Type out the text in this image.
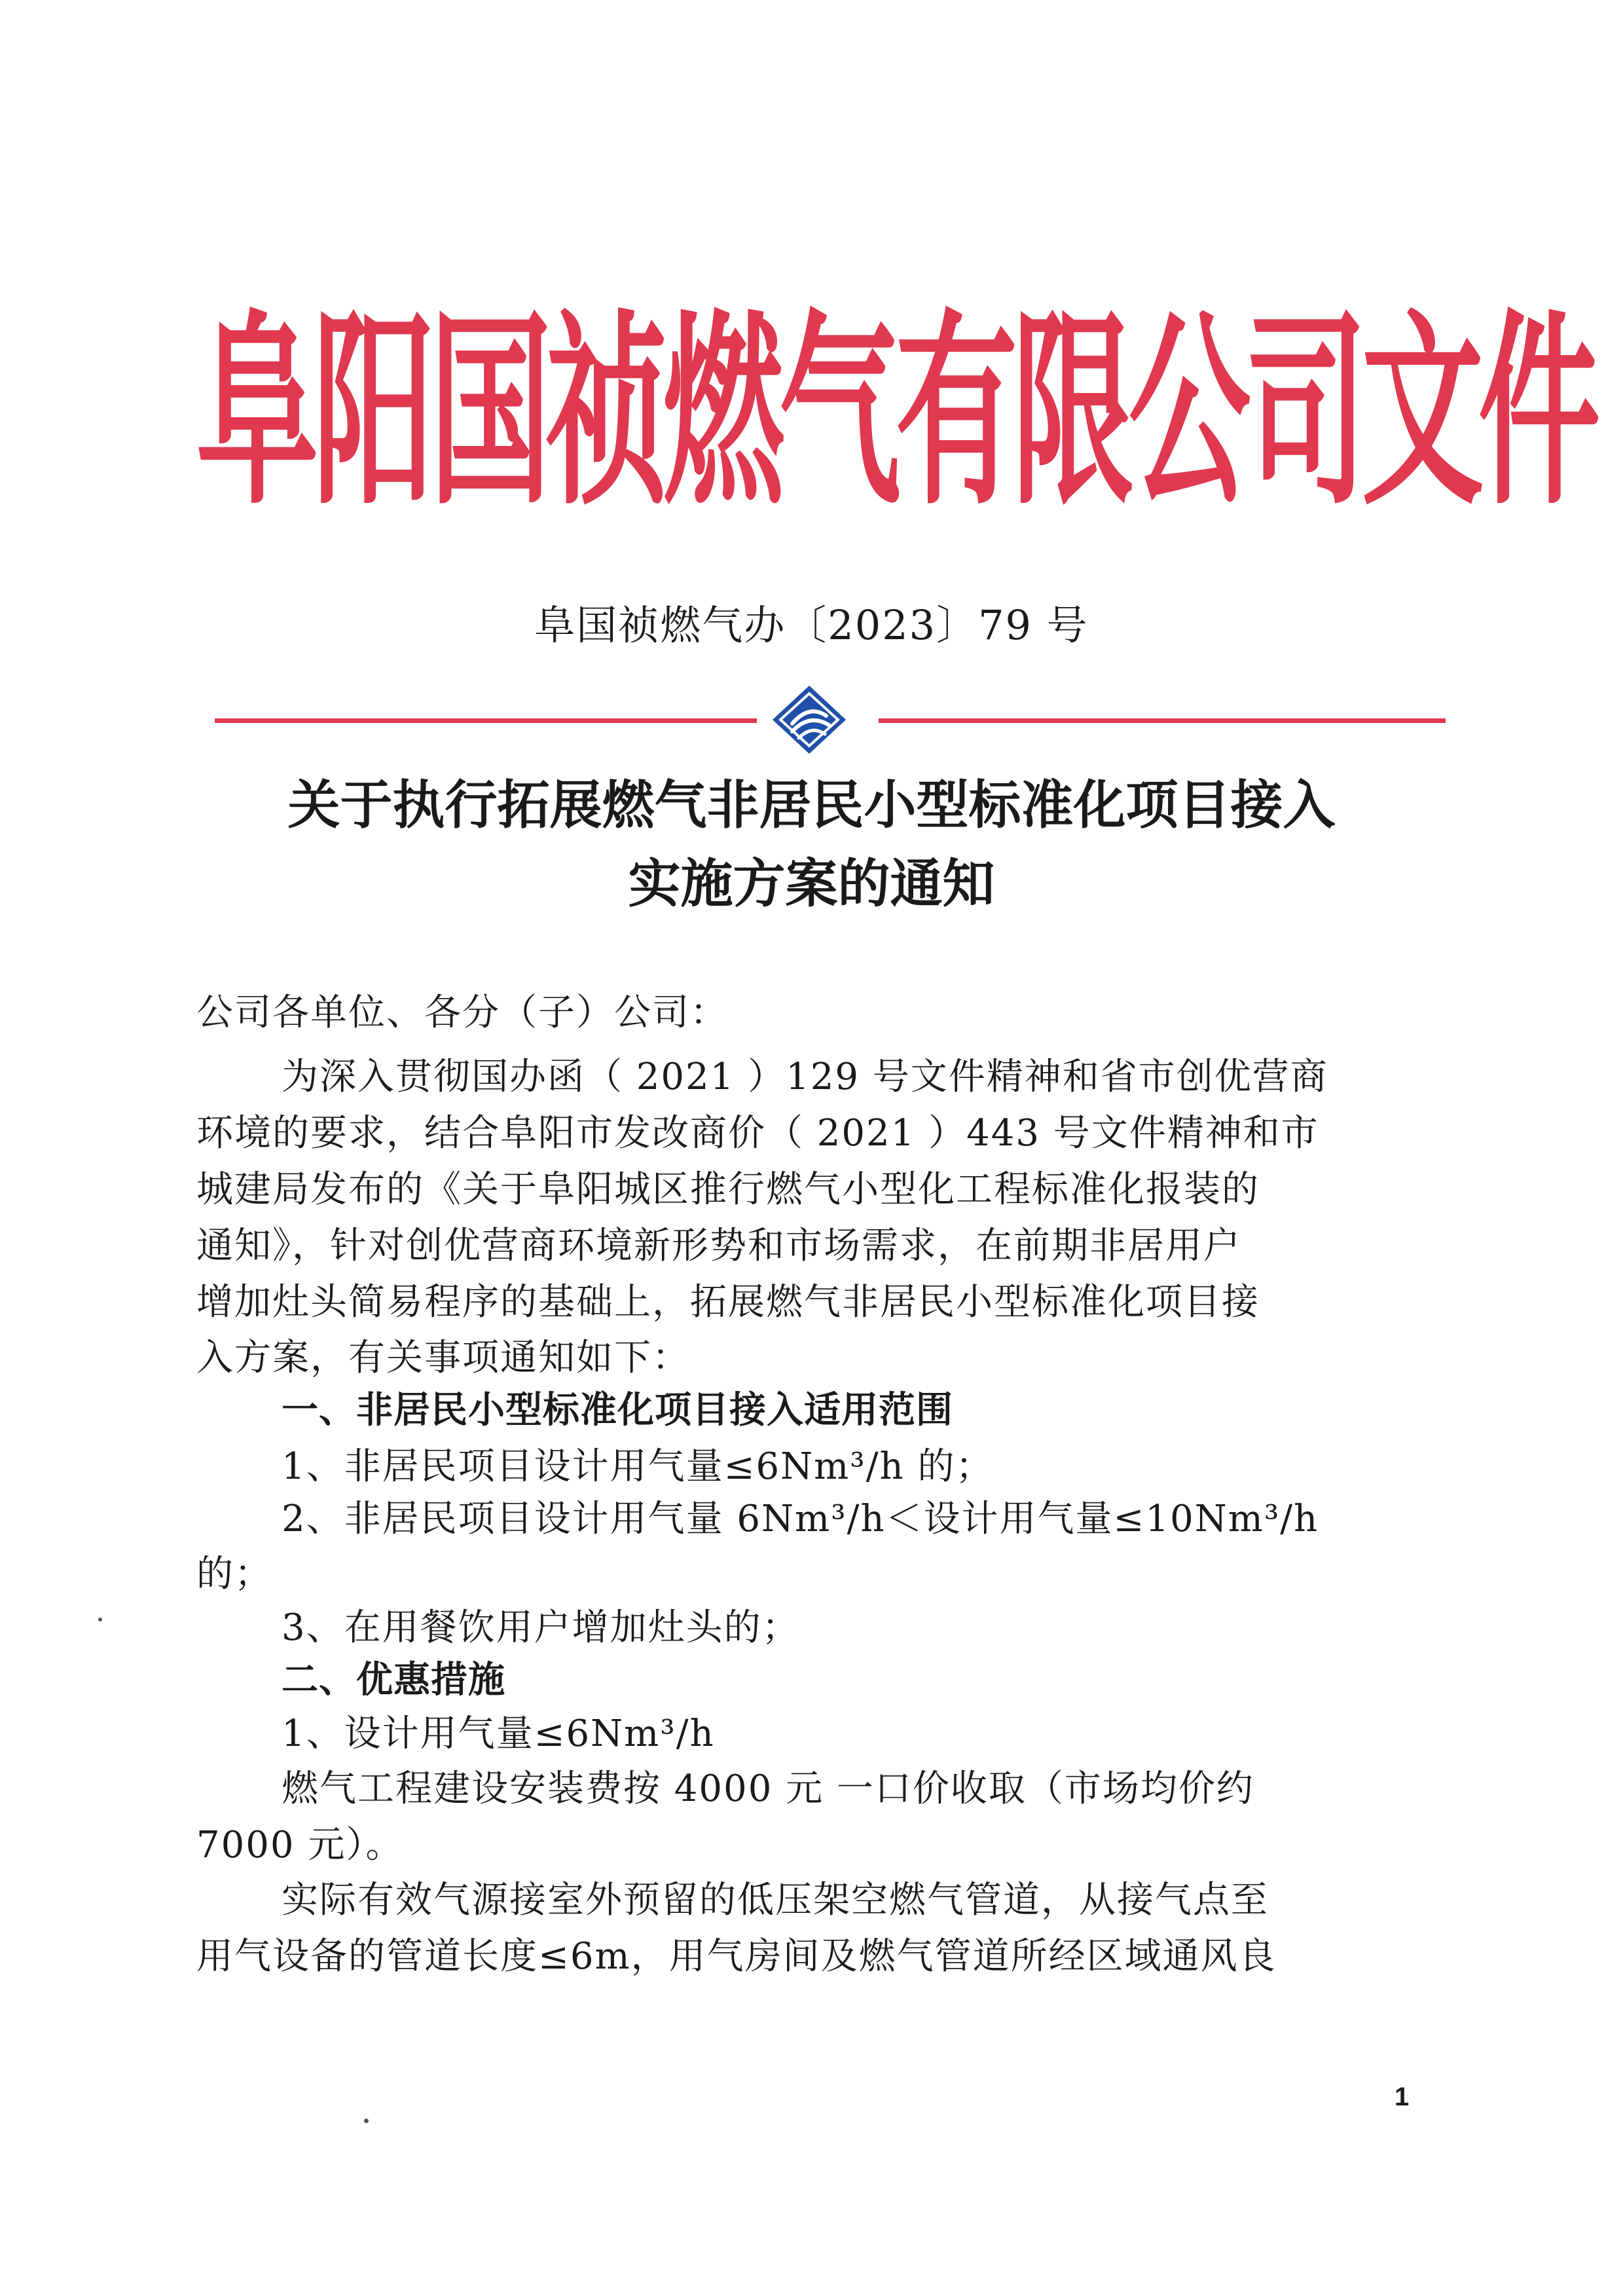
阜阳国祯燃气有限公司文件
阜国祯燃气办〔2023〕79 号
关于执行拓展燃气非居民小型标准化项目接入
实施方案的通知
公司各单位、各分（子）公司：
为深入贯彻国办函（ 2021 ）129 号文件精神和省市创优营商
环境的要求，结合阜阳市发改商价（ 2021 ）443 号文件精神和市
城建局发布的《关于阜阳城区推行燃气小型化工程标准化报装的
通知》，针对创优营商环境新形势和市场需求，在前期非居用户
增加灶头简易程序的基础上，拓展燃气非居民小型标准化项目接
入方案，有关事项通知如下：
一、非居民小型标准化项目接入适用范围
1、非居民项目设计用气量≤6Nm³/h 的；
2、非居民项目设计用气量 6Nm³/h＜设计用气量≤10Nm³/h
的；
3、在用餐饮用户增加灶头的；
二、优惠措施
1、设计用气量≤6Nm³/h
燃气工程建设安装费按 4000 元 一口价收取（市场均价约
7000 元）。
实际有效气源接室外预留的低压架空燃气管道，从接气点至
用气设备的管道长度≤6m，用气房间及燃气管道所经区域通风良
1
